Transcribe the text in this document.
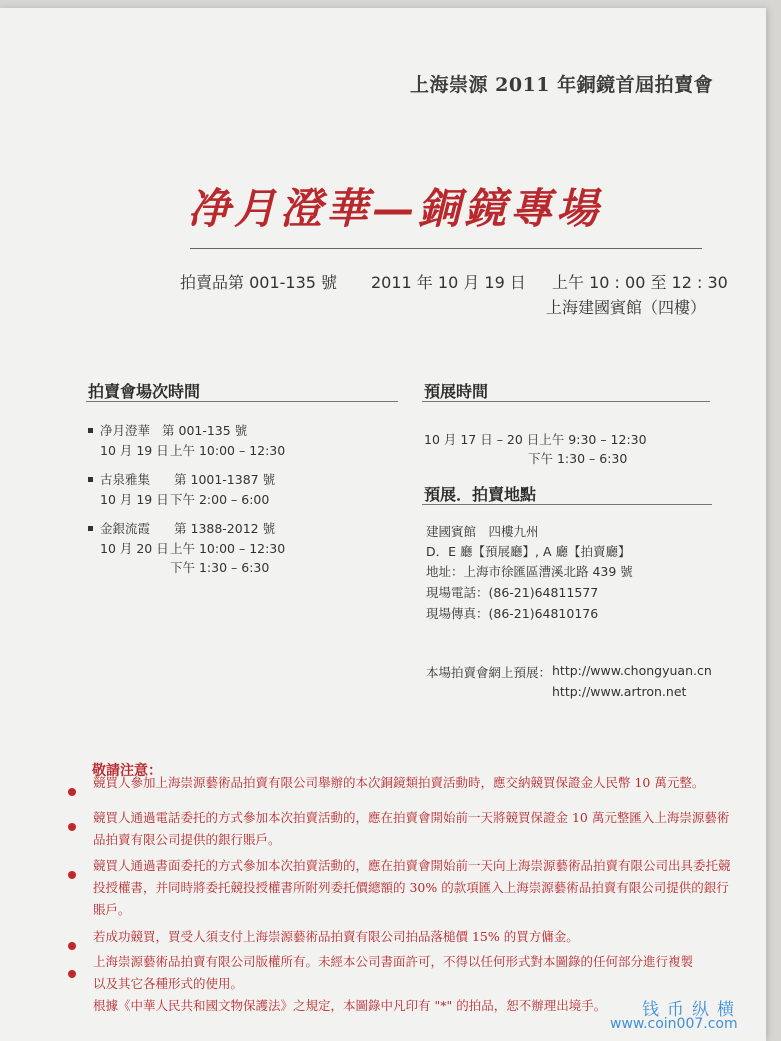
上海崇源 2011 年銅鏡首屆拍賣會
净月澄華—銅鏡專場
拍賣品第 001-135 號 2011 年 10 月 19 日 上午 10 : 00 至 12 : 30
上海建國賓館（四樓）
拍賣會場次時間
净月澄華 第 001-135 號
10 月 19 日 上午 10:00 – 12:30
古泉雅集 第 1001-1387 號
10 月 19 日 下午 2:00 – 6:00
金銀流霞 第 1388-2012 號
10 月 20 日 上午 10:00 – 12:30
下午 1:30 – 6:30
預展時間
10 月 17 日 – 20 日上午 9:30 – 12:30
下午 1:30 – 6:30
預展．拍賣地點
建國賓館　四樓九州
D．E 廳【預展廳】, A 廳【拍賣廳】
地址：上海市徐匯區漕溪北路 439 號
現場電話：(86-21)64811577
現場傳真：(86-21)64810176
本場拍賣會網上預展： http://www.chongyuan.cn
http://www.artron.net
敬請注意：
競買人參加上海崇源藝術品拍賣有限公司舉辦的本次銅鏡類拍賣活動時，應交納競買保證金人民幣 10 萬元整。
競買人通過電話委托的方式參加本次拍賣活動的，應在拍賣會開始前一天將競買保證金 10 萬元整匯入上海崇源藝術
品拍賣有限公司提供的銀行賬戶。
競買人通過書面委托的方式參加本次拍賣活動的，應在拍賣會開始前一天向上海崇源藝術品拍賣有限公司出具委托競
投授權書，并同時將委托競投授權書所附列委托價總額的 30% 的款項匯入上海崇源藝術品拍賣有限公司提供的銀行
賬戶。
若成功競買，買受人須支付上海崇源藝術品拍賣有限公司拍品落槌價 15% 的買方傭金。
上海崇源藝術品拍賣有限公司版權所有。未經本公司書面許可，不得以任何形式對本圖錄的任何部分進行複製
以及其它各種形式的使用。
根據《中華人民共和國文物保護法》之規定，本圖錄中凡印有 "*" 的拍品，恕不辦理出境手。	钱币纵横
www.coin007.com
